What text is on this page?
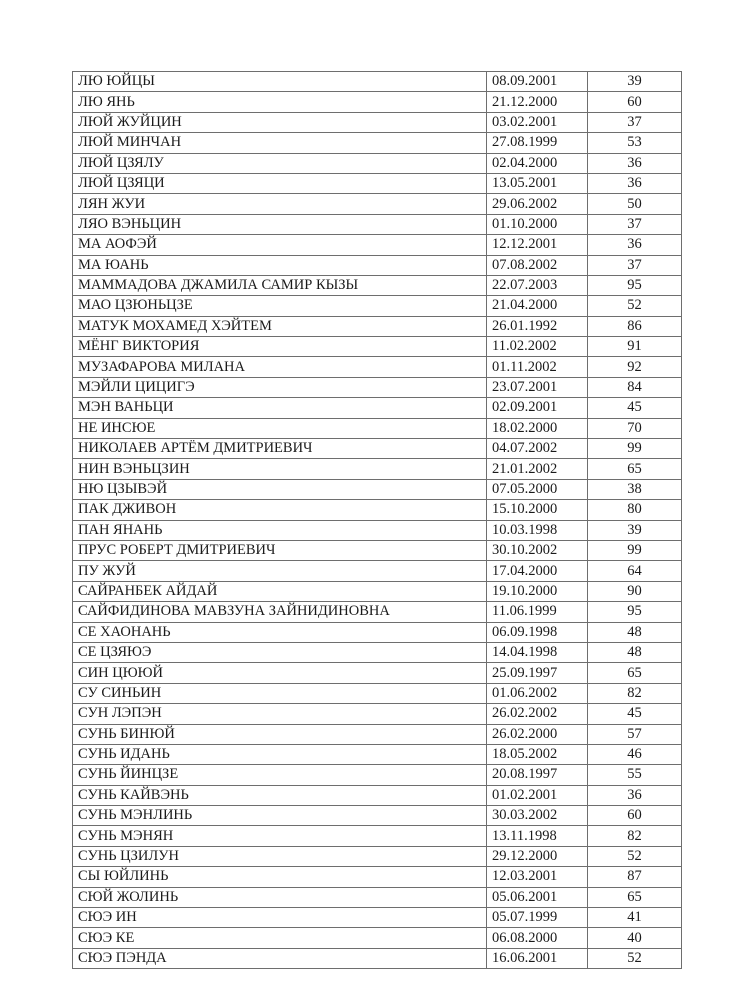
ЛЮ ЮЙЦЫ	08.09.2001	39
ЛЮ ЯНЬ	21.12.2000	60
ЛЮЙ ЖУЙЦИН	03.02.2001	37
ЛЮЙ МИНЧАН	27.08.1999	53
ЛЮЙ ЦЗЯЛУ	02.04.2000	36
ЛЮЙ ЦЗЯЦИ	13.05.2001	36
ЛЯН ЖУИ	29.06.2002	50
ЛЯО ВЭНЬЦИН	01.10.2000	37
МА АОФЭЙ	12.12.2001	36
МА ЮАНЬ	07.08.2002	37
МАММАДОВА ДЖАМИЛА САМИР КЫЗЫ	22.07.2003	95
МАО ЦЗЮНЬЦЗЕ	21.04.2000	52
МАТУК МОХАМЕД ХЭЙТЕМ	26.01.1992	86
МЁНГ ВИКТОРИЯ	11.02.2002	91
МУЗАФАРОВА МИЛАНА	01.11.2002	92
МЭЙЛИ ЦИЦИГЭ	23.07.2001	84
МЭН ВАНЬЦИ	02.09.2001	45
НЕ ИНСЮЕ	18.02.2000	70
НИКОЛАЕВ АРТЁМ ДМИТРИЕВИЧ	04.07.2002	99
НИН ВЭНЬЦЗИН	21.01.2002	65
НЮ ЦЗЫВЭЙ	07.05.2000	38
ПАК ДЖИВОН	15.10.2000	80
ПАН ЯНАНЬ	10.03.1998	39
ПРУС РОБЕРТ ДМИТРИЕВИЧ	30.10.2002	99
ПУ ЖУЙ	17.04.2000	64
САЙРАНБЕК АЙДАЙ	19.10.2000	90
САЙФИДИНОВА МАВЗУНА ЗАЙНИДИНОВНА	11.06.1999	95
СЕ ХАОНАНЬ	06.09.1998	48
СЕ ЦЗЯЮЭ	14.04.1998	48
СИН ЦЮЮЙ	25.09.1997	65
СУ СИНЬИН	01.06.2002	82
СУН ЛЭПЭН	26.02.2002	45
СУНЬ БИНЮЙ	26.02.2000	57
СУНЬ ИДАНЬ	18.05.2002	46
СУНЬ ЙИНЦЗЕ	20.08.1997	55
СУНЬ КАЙВЭНЬ	01.02.2001	36
СУНЬ МЭНЛИНЬ	30.03.2002	60
СУНЬ МЭНЯН	13.11.1998	82
СУНЬ ЦЗИЛУН	29.12.2000	52
СЫ ЮЙЛИНЬ	12.03.2001	87
СЮЙ ЖОЛИНЬ	05.06.2001	65
СЮЭ ИН	05.07.1999	41
СЮЭ КЕ	06.08.2000	40
СЮЭ ПЭНДА	16.06.2001	52
